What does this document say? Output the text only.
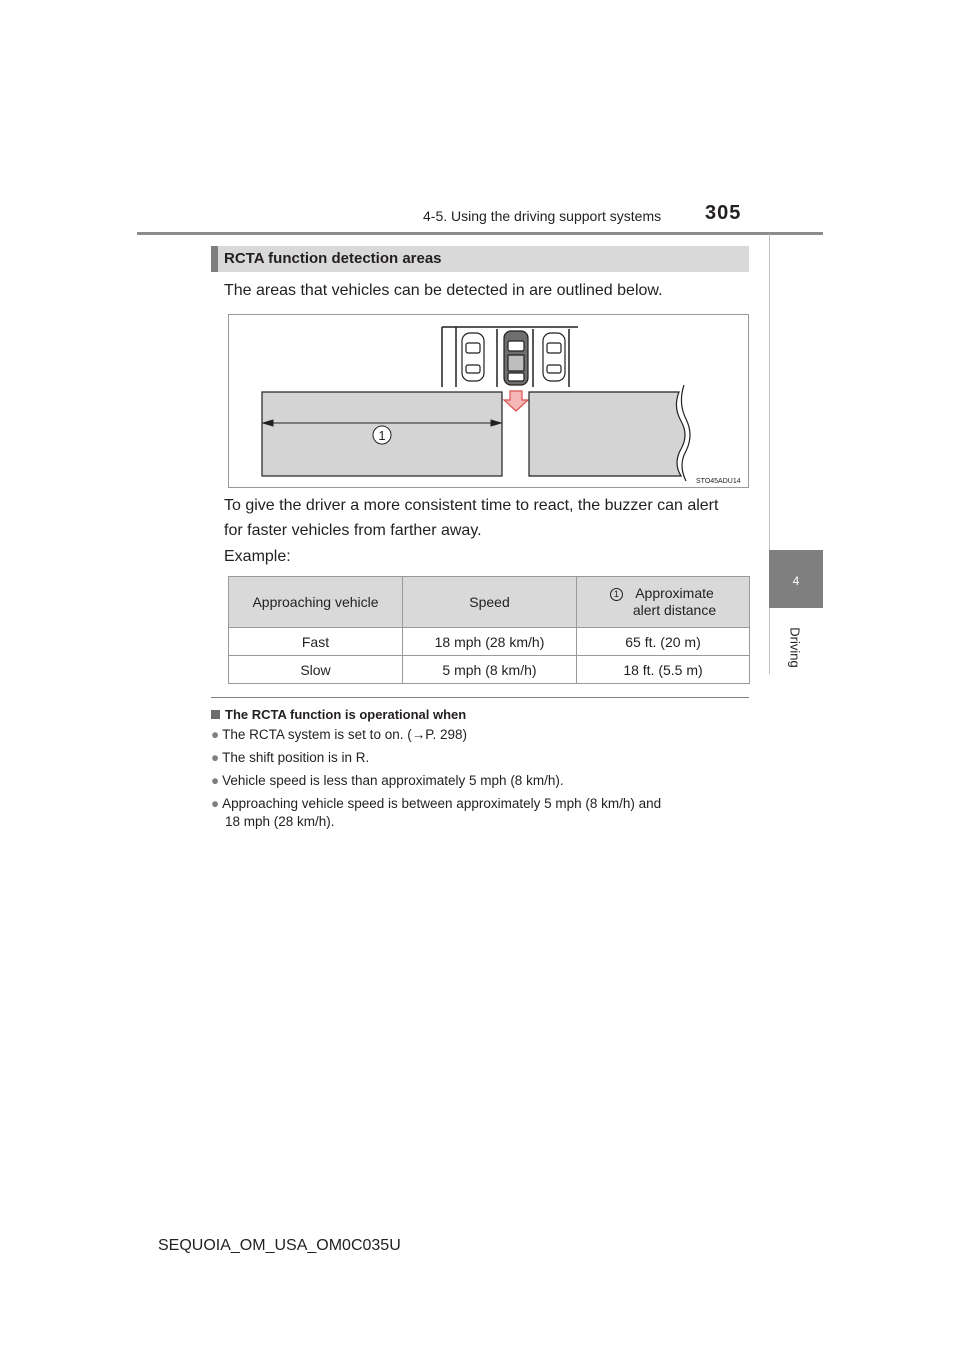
4-5. Using the driving support systems 305
4
Driving
RCTA function detection areas
The areas that vehicles can be detected in are outlined below.
1
STO45ADU14
To give the driver a more consistent time to react, the buzzer can alert
for faster vehicles from farther away.
Example:
Approaching vehicle	Speed	1 Approximate
alert distance

Fast	18 mph (28 km/h)	65 ft. (20 m)
Slow	5 mph (8 km/h)	18 ft. (5.5 m)
The RCTA function is operational when
● The RCTA system is set to on. (→P. 298)
● The shift position is in R.
● Vehicle speed is less than approximately 5 mph (8 km/h).
● Approaching vehicle speed is between approximately 5 mph (8 km/h) and
18 mph (28 km/h).
SEQUOIA_OM_USA_OM0C035U
